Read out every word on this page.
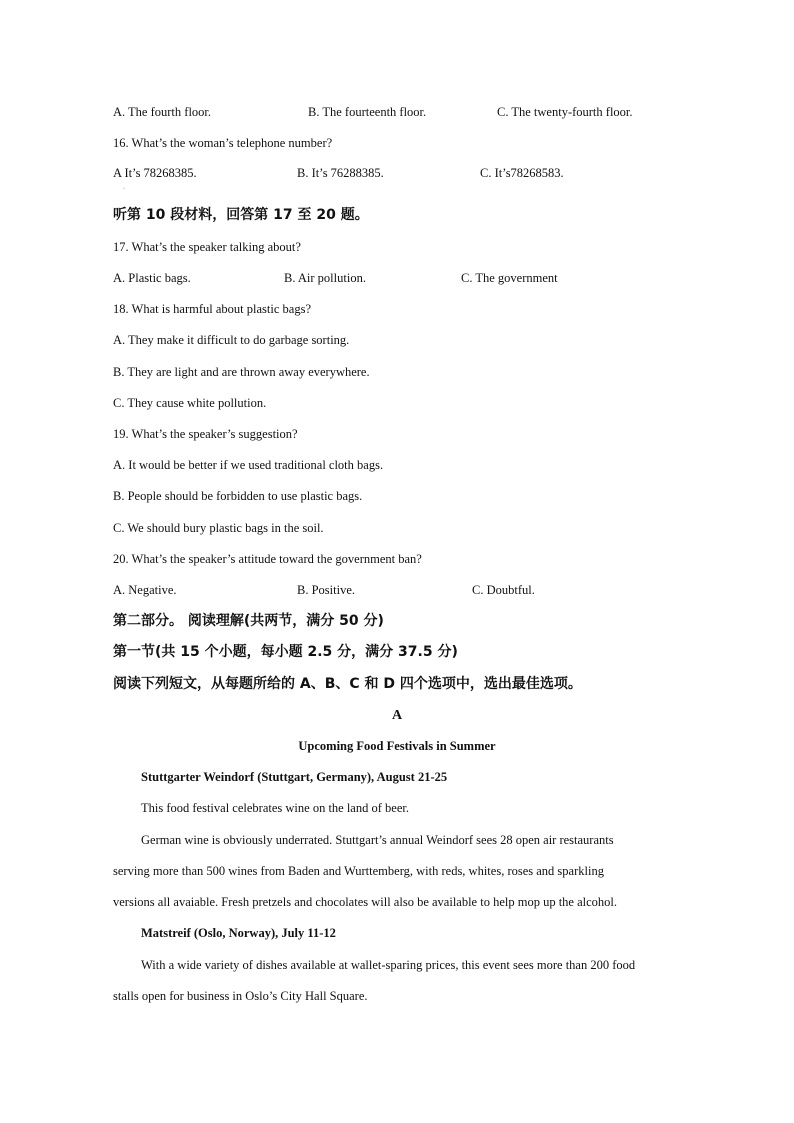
A. The fourth floor.	B. The fourteenth floor.	C. The twenty-fourth floor.
16. What’s the woman’s telephone number?
A It’s 78268385.	B. It’s 76288385.	C. It’s78268583.
·
听第 10 段材料，回答第 17 至 20 题。
17. What’s the speaker talking about?
A. Plastic bags.	B. Air pollution.	C. The government
18. What is harmful about plastic bags?
A. They make it difficult to do garbage sorting.
B. They are light and are thrown away everywhere.
C. They cause white pollution.
19. What’s the speaker’s suggestion?
A. It would be better if we used traditional cloth bags.
B. People should be forbidden to use plastic bags.
C. We should bury plastic bags in the soil.
20. What’s the speaker’s attitude toward the government ban?
A. Negative.	B. Positive.	C. Doubtful.
第二部分。 阅读理解(共两节，满分 50 分)
第一节(共 15 个小题，每小题 2.5 分，满分 37.5 分)
阅读下列短文，从每题所给的 A、B、C 和 D 四个选项中，选出最佳选项。
A
Upcoming Food Festivals in Summer
Stuttgarter Weindorf (Stuttgart, Germany), August 21-25
This food festival celebrates wine on the land of beer.
German wine is obviously underrated. Stuttgart’s annual Weindorf sees 28 open air restaurants
serving more than 500 wines from Baden and Wurttemberg, with reds, whites, roses and sparkling
versions all avaiable. Fresh pretzels and chocolates will also be available to help mop up the alcohol.
Matstreif (Oslo, Norway), July 11-12
With a wide variety of dishes available at wallet-sparing prices, this event sees more than 200 food
stalls open for business in Oslo’s City Hall Square.
